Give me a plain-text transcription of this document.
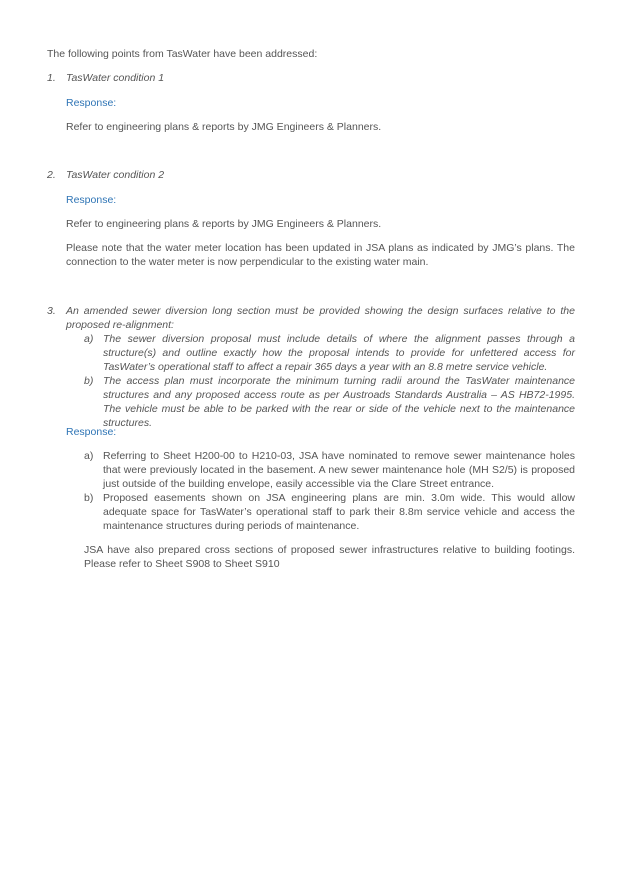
The following points from TasWater have been addressed:
1. TasWater condition 1
Response:
Refer to engineering plans & reports by JMG Engineers & Planners.
2. TasWater condition 2
Response:
Refer to engineering plans & reports by JMG Engineers & Planners.
Please note that the water meter location has been updated in JSA plans as indicated by JMG’s plans. The connection to the water meter is now perpendicular to the existing water main.
3. An amended sewer diversion long section must be provided showing the design surfaces relative to the proposed re-alignment:
a) The sewer diversion proposal must include details of where the alignment passes through a structure(s) and outline exactly how the proposal intends to provide for unfettered access for TasWater’s operational staff to affect a repair 365 days a year with an 8.8 metre service vehicle.
b) The access plan must incorporate the minimum turning radii around the TasWater maintenance structures and any proposed access route as per Austroads Standards Australia – AS HB72-1995. The vehicle must be able to be parked with the rear or side of the vehicle next to the maintenance structures.
Response:
a) Referring to Sheet H200-00 to H210-03, JSA have nominated to remove sewer maintenance holes that were previously located in the basement. A new sewer maintenance hole (MH S2/5) is proposed just outside of the building envelope, easily accessible via the Clare Street entrance.
b) Proposed easements shown on JSA engineering plans are min. 3.0m wide. This would allow adequate space for TasWater’s operational staff to park their 8.8m service vehicle and access the maintenance structures during periods of maintenance.
JSA have also prepared cross sections of proposed sewer infrastructures relative to building footings. Please refer to Sheet S908 to Sheet S910
